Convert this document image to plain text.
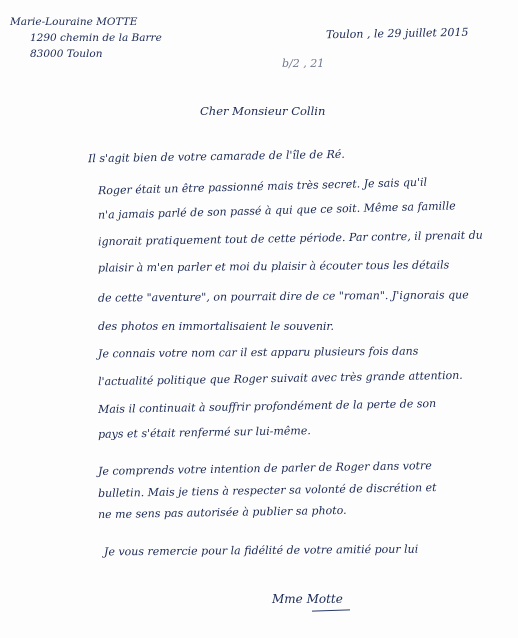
Marie-Louraine MOTTE
1290 chemin de la Barre
83000 Toulon
Toulon , le 29 juillet 2015
b/2 , 21
Cher Monsieur Collin
Il s'agit bien de votre camarade de l'île de Ré.
Roger était un être passionné mais très secret. Je sais qu'il
n'a jamais parlé de son passé à qui que ce soit. Même sa famille
ignorait pratiquement tout de cette période. Par contre, il prenait du
plaisir à m'en parler et moi du plaisir à écouter tous les détails
de cette "aventure", on pourrait dire de ce "roman". J'ignorais que
des photos en immortalisaient le souvenir.
Je connais votre nom car il est apparu plusieurs fois dans
l'actualité politique que Roger suivait avec très grande attention.
Mais il continuait à souffrir profondément de la perte de son
pays et s'était renfermé sur lui-même.
Je comprends votre intention de parler de Roger dans votre
bulletin. Mais je tiens à respecter sa volonté de discrétion et
ne me sens pas autorisée à publier sa photo.
Je vous remercie pour la fidélité de votre amitié pour lui
Mme Motte
